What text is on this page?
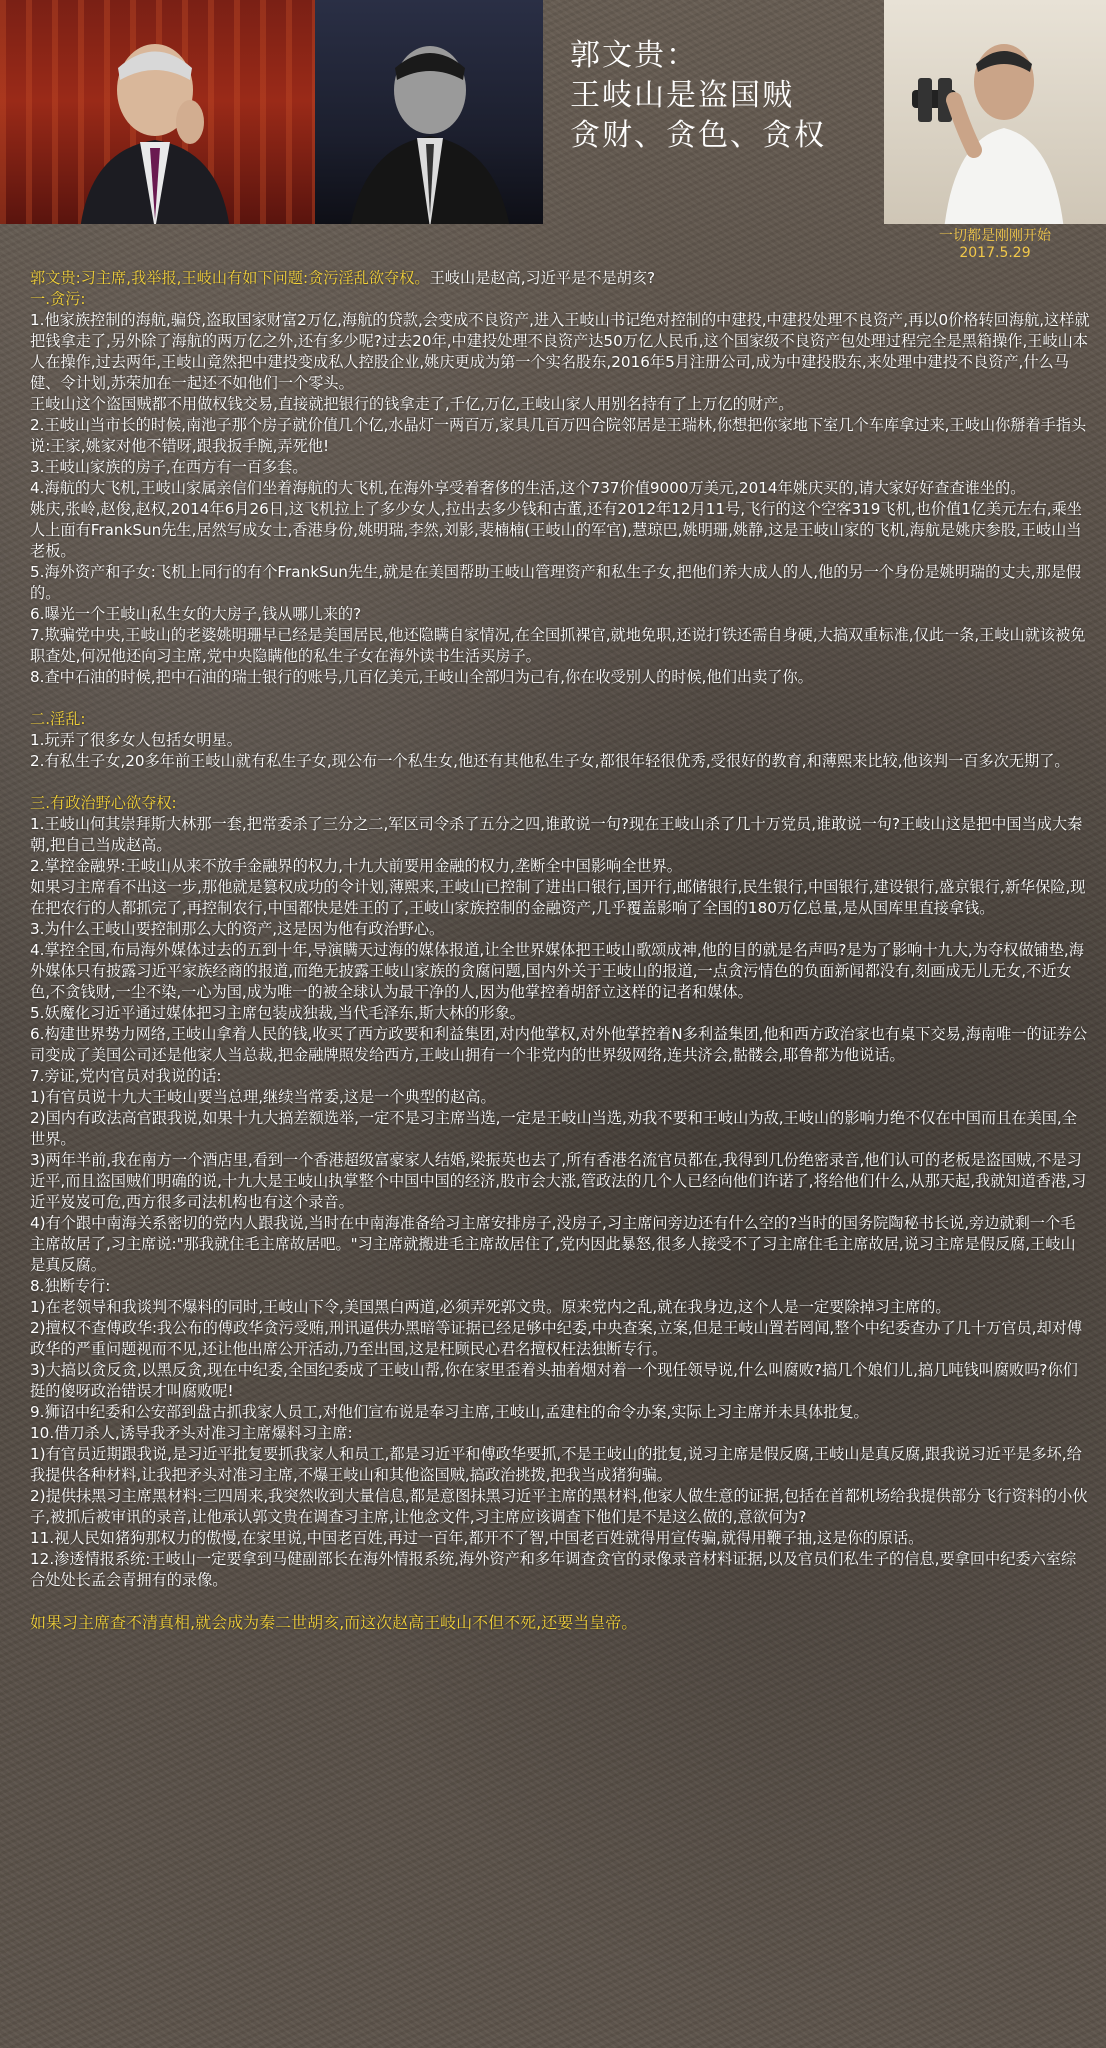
郭文贵：
王岐山是盗国贼
贪财、贪色、贪权
一切都是刚刚开始
2017.5.29

郭文贵:习主席,我举报,王岐山有如下问题:贪污淫乱欲夺权。王岐山是赵高,习近平是不是胡亥?

一.贪污:

1.他家族控制的海航,骗贷,盗取国家财富2万亿,海航的贷款,会变成不良资产,进入王岐山书记绝对控制的中建投,中建投处理不良资产,再以0价格转回海航,这样就把钱拿走了,另外除了海航的两万亿之外,还有多少呢?过去20年,中建投处理不良资产达50万亿人民币,这个国家级不良资产包处理过程完全是黑箱操作,王岐山本人在操作,过去两年,王岐山竟然把中建投变成私人控股企业,姚庆更成为第一个实名股东,2016年5月注册公司,成为中建投股东,来处理中建投不良资产,什么马健、令计划,苏荣加在一起还不如他们一个零头。

王岐山这个盗国贼都不用做权钱交易,直接就把银行的钱拿走了,千亿,万亿,王岐山家人用别名持有了上万亿的财产。

2.王岐山当市长的时候,南池子那个房子就价值几个亿,水晶灯一两百万,家具几百万四合院邻居是王瑞林,你想把你家地下室几个车库拿过来,王岐山你掰着手指头说:王家,姚家对他不错呀,跟我扳手腕,弄死他!

3.王岐山家族的房子,在西方有一百多套。

4.海航的大飞机,王岐山家属亲信们坐着海航的大飞机,在海外享受着奢侈的生活,这个737价值9000万美元,2014年姚庆买的,请大家好好查查谁坐的。

姚庆,张岭,赵俊,赵权,2014年6月26日,这飞机拉上了多少女人,拉出去多少钱和古董,还有2012年12月11号,飞行的这个空客319飞机,也价值1亿美元左右,乘坐人上面有FrankSun先生,居然写成女士,香港身份,姚明瑞,李然,刘影,裴楠楠(王岐山的军官),慧琼巴,姚明珊,姚静,这是王岐山家的飞机,海航是姚庆参股,王岐山当老板。

5.海外资产和子女:飞机上同行的有个FrankSun先生,就是在美国帮助王岐山管理资产和私生子女,把他们养大成人的人,他的另一个身份是姚明瑞的丈夫,那是假的。

6.曝光一个王岐山私生女的大房子,钱从哪儿来的?

7.欺骗党中央,王岐山的老婆姚明珊早已经是美国居民,他还隐瞒自家情况,在全国抓裸官,就地免职,还说打铁还需自身硬,大搞双重标准,仅此一条,王岐山就该被免职查处,何况他还向习主席,党中央隐瞒他的私生子女在海外读书生活买房子。

8.查中石油的时候,把中石油的瑞士银行的账号,几百亿美元,王岐山全部归为己有,你在收受别人的时候,他们出卖了你。

二.淫乱:

1.玩弄了很多女人包括女明星。

2.有私生子女,20多年前王岐山就有私生子女,现公布一个私生女,他还有其他私生子女,都很年轻很优秀,受很好的教育,和薄熙来比较,他该判一百多次无期了。

三.有政治野心欲夺权:

1.王岐山何其崇拜斯大林那一套,把常委杀了三分之二,军区司令杀了五分之四,谁敢说一句?现在王岐山杀了几十万党员,谁敢说一句?王岐山这是把中国当成大秦朝,把自己当成赵高。

2.掌控金融界:王岐山从来不放手金融界的权力,十九大前要用金融的权力,垄断全中国影响全世界。

如果习主席看不出这一步,那他就是篡权成功的令计划,薄熙来,王岐山已控制了进出口银行,国开行,邮储银行,民生银行,中国银行,建设银行,盛京银行,新华保险,现在把农行的人都抓完了,再控制农行,中国都快是姓王的了,王岐山家族控制的金融资产,几乎覆盖影响了全国的180万亿总量,是从国库里直接拿钱。

3.为什么王岐山要控制那么大的资产,这是因为他有政治野心。

4.掌控全国,布局海外媒体过去的五到十年,导演瞒天过海的媒体报道,让全世界媒体把王岐山歌颂成神,他的目的就是名声吗?是为了影响十九大,为夺权做铺垫,海外媒体只有披露习近平家族经商的报道,而绝无披露王岐山家族的贪腐问题,国内外关于王岐山的报道,一点贪污情色的负面新闻都没有,刻画成无儿无女,不近女色,不贪钱财,一尘不染,一心为国,成为唯一的被全球认为最干净的人,因为他掌控着胡舒立这样的记者和媒体。

5.妖魔化习近平通过媒体把习主席包装成独裁,当代毛泽东,斯大林的形象。

6.构建世界势力网络,王岐山拿着人民的钱,收买了西方政要和利益集团,对内他掌权,对外他掌控着N多利益集团,他和西方政治家也有桌下交易,海南唯一的证券公司变成了美国公司还是他家人当总裁,把金融牌照发给西方,王岐山拥有一个非党内的世界级网络,连共济会,骷髅会,耶鲁都为他说话。

7.旁证,党内官员对我说的话:

1)有官员说十九大王岐山要当总理,继续当常委,这是一个典型的赵高。

2)国内有政法高官跟我说,如果十九大搞差额选举,一定不是习主席当选,一定是王岐山当选,劝我不要和王岐山为敌,王岐山的影响力绝不仅在中国而且在美国,全世界。

3)两年半前,我在南方一个酒店里,看到一个香港超级富豪家人结婚,梁振英也去了,所有香港名流官员都在,我得到几份绝密录音,他们认可的老板是盗国贼,不是习近平,而且盗国贼们明确的说,十九大是王岐山执掌整个中国中国的经济,股市会大涨,管政法的几个人已经向他们许诺了,将给他们什么,从那天起,我就知道香港,习近平岌岌可危,西方很多司法机构也有这个录音。

4)有个跟中南海关系密切的党内人跟我说,当时在中南海准备给习主席安排房子,没房子,习主席问旁边还有什么空的?当时的国务院陶秘书长说,旁边就剩一个毛主席故居了,习主席说:"那我就住毛主席故居吧。"习主席就搬进毛主席故居住了,党内因此暴怒,很多人接受不了习主席住毛主席故居,说习主席是假反腐,王岐山是真反腐。

8.独断专行:

1)在老领导和我谈判不爆料的同时,王岐山下令,美国黑白两道,必须弄死郭文贵。原来党内之乱,就在我身边,这个人是一定要除掉习主席的。

2)擅权不查傅政华:我公布的傅政华贪污受贿,刑讯逼供办黑暗等证据已经足够中纪委,中央查案,立案,但是王岐山置若罔闻,整个中纪委查办了几十万官员,却对傅政华的严重问题视而不见,还让他出席公开活动,乃至出国,这是枉顾民心君名擅权枉法独断专行。

3)大搞以贪反贪,以黑反贪,现在中纪委,全国纪委成了王岐山帮,你在家里歪着头抽着烟对着一个现任领导说,什么叫腐败?搞几个娘们儿,搞几吨钱叫腐败吗?你们挺的傻呀政治错误才叫腐败呢!

9.狮诏中纪委和公安部到盘古抓我家人员工,对他们宣布说是奉习主席,王岐山,孟建柱的命令办案,实际上习主席并未具体批复。

10.借刀杀人,诱导我矛头对准习主席爆料习主席:

1)有官员近期跟我说,是习近平批复要抓我家人和员工,都是习近平和傅政华要抓,不是王岐山的批复,说习主席是假反腐,王岐山是真反腐,跟我说习近平是多坏,给我提供各种材料,让我把矛头对准习主席,不爆王岐山和其他盗国贼,搞政治挑拨,把我当成猪狗骗。

2)提供抹黑习主席黑材料:三四周来,我突然收到大量信息,都是意图抹黑习近平主席的黑材料,他家人做生意的证据,包括在首都机场给我提供部分飞行资料的小伙子,被抓后被审讯的录音,让他承认郭文贵在调查习主席,让他念文件,习主席应该调查下他们是不是这么做的,意欲何为?

11.视人民如猪狗那权力的傲慢,在家里说,中国老百姓,再过一百年,都开不了智,中国老百姓就得用宣传骗,就得用鞭子抽,这是你的原话。

12.渗透情报系统:王岐山一定要拿到马健副部长在海外情报系统,海外资产和多年调查贪官的录像录音材料证据,以及官员们私生子的信息,要拿回中纪委六室综合处处长孟会青拥有的录像。

如果习主席查不清真相,就会成为秦二世胡亥,而这次赵高王岐山不但不死,还要当皇帝。
